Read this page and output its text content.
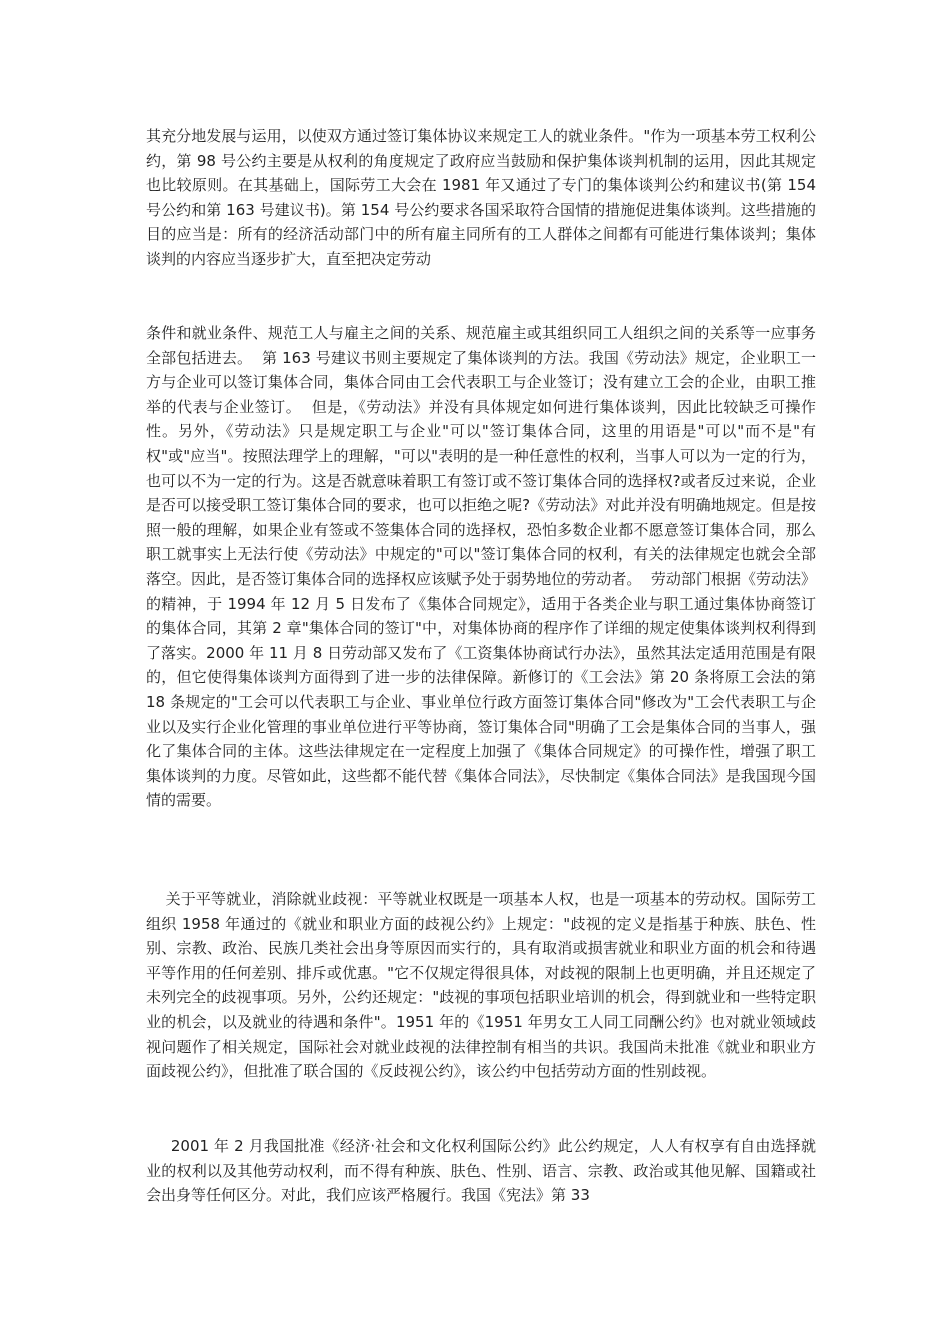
其充分地发展与运用，以使双方通过签订集体协议来规定工人的就业条件。"作为一项基本劳工权利公约，第 98 号公约主要是从权利的角度规定了政府应当鼓励和保护集体谈判机制的运用，因此其规定也比较原则。在其基础上，国际劳工大会在 1981 年又通过了专门的集体谈判公约和建议书(第 154 号公约和第 163 号建议书)。第 154 号公约要求各国采取符合国情的措施促进集体谈判。这些措施的目的应当是：所有的经济活动部门中的所有雇主同所有的工人群体之间都有可能进行集体谈判；集体谈判的内容应当逐步扩大，直至把决定劳动

条件和就业条件、规范工人与雇主之间的关系、规范雇主或其组织同工人组织之间的关系等一应事务全部包括进去。  第 163 号建议书则主要规定了集体谈判的方法。我国《劳动法》规定，企业职工一方与企业可以签订集体合同，集体合同由工会代表职工与企业签订；没有建立工会的企业，由职工推举的代表与企业签订。  但是，《劳动法》并没有具体规定如何进行集体谈判，因此比较缺乏可操作性。另外，《劳动法》只是规定职工与企业"可以"签订集体合同，这里的用语是"可以"而不是"有权"或"应当"。按照法理学上的理解，"可以"表明的是一种任意性的权利，当事人可以为一定的行为，也可以不为一定的行为。这是否就意味着职工有签订或不签订集体合同的选择权?或者反过来说，企业是否可以接受职工签订集体合同的要求，也可以拒绝之呢?《劳动法》对此并没有明确地规定。但是按照一般的理解，如果企业有签或不签集体合同的选择权，恐怕多数企业都不愿意签订集体合同，那么职工就事实上无法行使《劳动法》中规定的"可以"签订集体合同的权利，有关的法律规定也就会全部落空。因此，是否签订集体合同的选择权应该赋予处于弱势地位的劳动者。  劳动部门根据《劳动法》的精神，于 1994 年 12 月 5 日发布了《集体合同规定》，适用于各类企业与职工通过集体协商签订的集体合同，其第 2 章"集体合同的签订"中，对集体协商的程序作了详细的规定使集体谈判权利得到了落实。2000 年 11 月 8 日劳动部又发布了《工资集体协商试行办法》，虽然其法定适用范围是有限的，但它使得集体谈判方面得到了进一步的法律保障。新修订的《工会法》第 20 条将原工会法的第 18 条规定的"工会可以代表职工与企业、事业单位行政方面签订集体合同"修改为"工会代表职工与企业以及实行企业化管理的事业单位进行平等协商，签订集体合同"明确了工会是集体合同的当事人，强化了集体合同的主体。这些法律规定在一定程度上加强了《集体合同规定》的可操作性，增强了职工集体谈判的力度。尽管如此，这些都不能代替《集体合同法》，尽快制定《集体合同法》是我国现今国情的需要。

关于平等就业，消除就业歧视：平等就业权既是一项基本人权，也是一项基本的劳动权。国际劳工组织 1958 年通过的《就业和职业方面的歧视公约》上规定："歧视的定义是指基于种族、肤色、性别、宗教、政治、民族几类社会出身等原因而实行的，具有取消或损害就业和职业方面的机会和待遇平等作用的任何差别、排斥或优惠。"它不仅规定得很具体，对歧视的限制上也更明确，并且还规定了未列完全的歧视事项。另外，公约还规定："歧视的事项包括职业培训的机会，得到就业和一些特定职业的机会，以及就业的待遇和条件"。1951 年的《1951 年男女工人同工同酬公约》也对就业领域歧视问题作了相关规定，国际社会对就业歧视的法律控制有相当的共识。我国尚未批准《就业和职业方面歧视公约》，但批准了联合国的《反歧视公约》，该公约中包括劳动方面的性别歧视。

2001 年 2 月我国批准《经济·社会和文化权利国际公约》此公约规定，人人有权享有自由选择就业的权利以及其他劳动权利，而不得有种族、肤色、性别、语言、宗教、政治或其他见解、国籍或社会出身等任何区分。对此，我们应该严格履行。我国《宪法》第 33
